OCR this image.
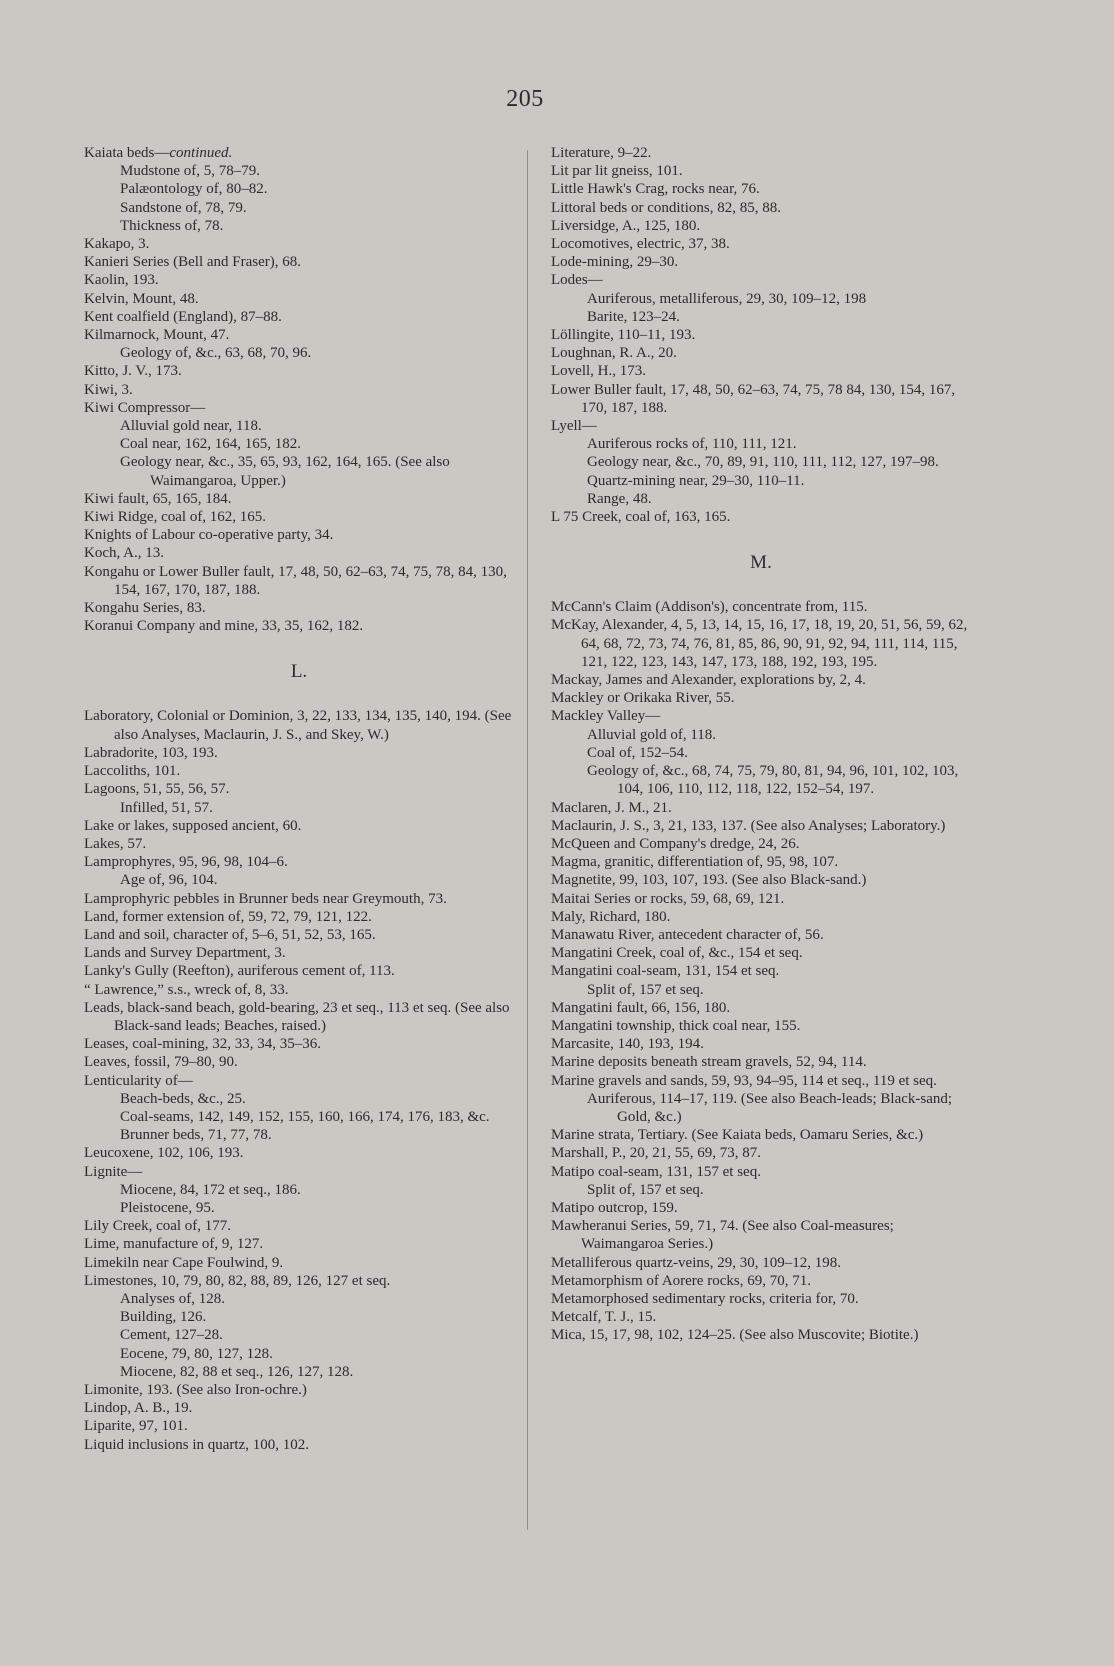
205
Kaiata beds—continued.
Mudstone of, 5, 78–79.
Palæontology of, 80–82.
Sandstone of, 78, 79.
Thickness of, 78.
Kakapo, 3.
Kanieri Series (Bell and Fraser), 68.
Kaolin, 193.
Kelvin, Mount, 48.
Kent coalfield (England), 87–88.
Kilmarnock, Mount, 47.
Geology of, &c., 63, 68, 70, 96.
Kitto, J. V., 173.
Kiwi, 3.
Kiwi Compressor—
Alluvial gold near, 118.
Coal near, 162, 164, 165, 182.
Geology near, &c., 35, 65, 93, 162, 164, 165. (See also Waimangaroa, Upper.)
Kiwi fault, 65, 165, 184.
Kiwi Ridge, coal of, 162, 165.
Knights of Labour co-operative party, 34.
Koch, A., 13.
Kongahu or Lower Buller fault, 17, 48, 50, 62–63, 74, 75, 78, 84, 130, 154, 167, 170, 187, 188.
Kongahu Series, 83.
Koranui Company and mine, 33, 35, 162, 182.
L.
Laboratory, Colonial or Dominion, 3, 22, 133, 134, 135, 140, 194. (See also Analyses, Maclaurin, J. S., and Skey, W.)
Labradorite, 103, 193.
Laccoliths, 101.
Lagoons, 51, 55, 56, 57.
Infilled, 51, 57.
Lake or lakes, supposed ancient, 60.
Lakes, 57.
Lamprophyres, 95, 96, 98, 104–6.
Age of, 96, 104.
Lamprophyric pebbles in Brunner beds near Greymouth, 73.
Land, former extension of, 59, 72, 79, 121, 122.
Land and soil, character of, 5–6, 51, 52, 53, 165.
Lands and Survey Department, 3.
Lanky's Gully (Reefton), auriferous cement of, 113.
“ Lawrence,” s.s., wreck of, 8, 33.
Leads, black-sand beach, gold-bearing, 23 et seq., 113 et seq. (See also Black-sand leads; Beaches, raised.)
Leases, coal-mining, 32, 33, 34, 35–36.
Leaves, fossil, 79–80, 90.
Lenticularity of—
Beach-beds, &c., 25.
Coal-seams, 142, 149, 152, 155, 160, 166, 174, 176, 183, &c.
Brunner beds, 71, 77, 78.
Leucoxene, 102, 106, 193.
Lignite—
Miocene, 84, 172 et seq., 186.
Pleistocene, 95.
Lily Creek, coal of, 177.
Lime, manufacture of, 9, 127.
Limekiln near Cape Foulwind, 9.
Limestones, 10, 79, 80, 82, 88, 89, 126, 127 et seq.
Analyses of, 128.
Building, 126.
Cement, 127–28.
Eocene, 79, 80, 127, 128.
Miocene, 82, 88 et seq., 126, 127, 128.
Limonite, 193. (See also Iron-ochre.)
Lindop, A. B., 19.
Liparite, 97, 101.
Liquid inclusions in quartz, 100, 102.
Literature, 9–22.
Lit par lit gneiss, 101.
Little Hawk's Crag, rocks near, 76.
Littoral beds or conditions, 82, 85, 88.
Liversidge, A., 125, 180.
Locomotives, electric, 37, 38.
Lode-mining, 29–30.
Lodes—
Auriferous, metalliferous, 29, 30, 109–12, 198
Barite, 123–24.
Löllingite, 110–11, 193.
Loughnan, R. A., 20.
Lovell, H., 173.
Lower Buller fault, 17, 48, 50, 62–63, 74, 75, 78 84, 130, 154, 167, 170, 187, 188.
Lyell—
Auriferous rocks of, 110, 111, 121.
Geology near, &c., 70, 89, 91, 110, 111, 112, 127, 197–98.
Quartz-mining near, 29–30, 110–11.
Range, 48.
L 75 Creek, coal of, 163, 165.
M.
McCann's Claim (Addison's), concentrate from, 115.
McKay, Alexander, 4, 5, 13, 14, 15, 16, 17, 18, 19, 20, 51, 56, 59, 62, 64, 68, 72, 73, 74, 76, 81, 85, 86, 90, 91, 92, 94, 111, 114, 115, 121, 122, 123, 143, 147, 173, 188, 192, 193, 195.
Mackay, James and Alexander, explorations by, 2, 4.
Mackley or Orikaka River, 55.
Mackley Valley—
Alluvial gold of, 118.
Coal of, 152–54.
Geology of, &c., 68, 74, 75, 79, 80, 81, 94, 96, 101, 102, 103, 104, 106, 110, 112, 118, 122, 152–54, 197.
Maclaren, J. M., 21.
Maclaurin, J. S., 3, 21, 133, 137. (See also Analyses; Laboratory.)
McQueen and Company's dredge, 24, 26.
Magma, granitic, differentiation of, 95, 98, 107.
Magnetite, 99, 103, 107, 193. (See also Black-sand.)
Maitai Series or rocks, 59, 68, 69, 121.
Maly, Richard, 180.
Manawatu River, antecedent character of, 56.
Mangatini Creek, coal of, &c., 154 et seq.
Mangatini coal-seam, 131, 154 et seq.
Split of, 157 et seq.
Mangatini fault, 66, 156, 180.
Mangatini township, thick coal near, 155.
Marcasite, 140, 193, 194.
Marine deposits beneath stream gravels, 52, 94, 114.
Marine gravels and sands, 59, 93, 94–95, 114 et seq., 119 et seq.
Auriferous, 114–17, 119. (See also Beach-leads; Black-sand; Gold, &c.)
Marine strata, Tertiary. (See Kaiata beds, Oamaru Series, &c.)
Marshall, P., 20, 21, 55, 69, 73, 87.
Matipo coal-seam, 131, 157 et seq.
Split of, 157 et seq.
Matipo outcrop, 159.
Mawheranui Series, 59, 71, 74. (See also Coal-measures; Waimangaroa Series.)
Metalliferous quartz-veins, 29, 30, 109–12, 198.
Metamorphism of Aorere rocks, 69, 70, 71.
Metamorphosed sedimentary rocks, criteria for, 70.
Metcalf, T. J., 15.
Mica, 15, 17, 98, 102, 124–25. (See also Muscovite; Biotite.)
